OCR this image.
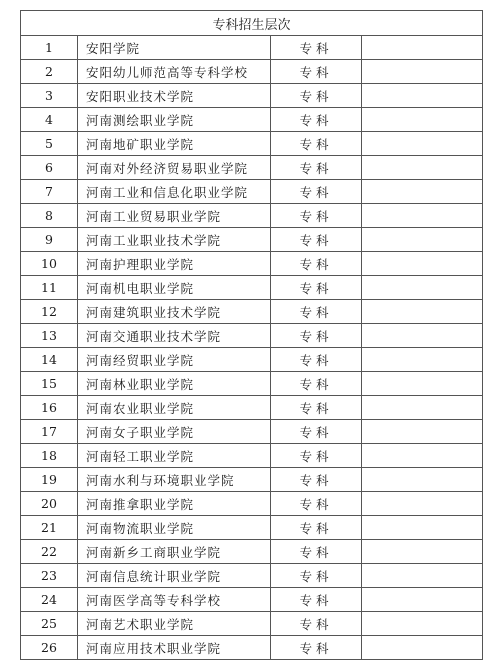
专科招生层次			
1	安阳学院	专科	
2	安阳幼儿师范高等专科学校	专科	
3	安阳职业技术学院	专科	
4	河南测绘职业学院	专科	
5	河南地矿职业学院	专科	
6	河南对外经济贸易职业学院	专科	
7	河南工业和信息化职业学院	专科	
8	河南工业贸易职业学院	专科	
9	河南工业职业技术学院	专科	
10	河南护理职业学院	专科	
11	河南机电职业学院	专科	
12	河南建筑职业技术学院	专科	
13	河南交通职业技术学院	专科	
14	河南经贸职业学院	专科	
15	河南林业职业学院	专科	
16	河南农业职业学院	专科	
17	河南女子职业学院	专科	
18	河南轻工职业学院	专科	
19	河南水利与环境职业学院	专科	
20	河南推拿职业学院	专科	
21	河南物流职业学院	专科	
22	河南新乡工商职业学院	专科	
23	河南信息统计职业学院	专科	
24	河南医学高等专科学校	专科	
25	河南艺术职业学院	专科	
26	河南应用技术职业学院	专科	
